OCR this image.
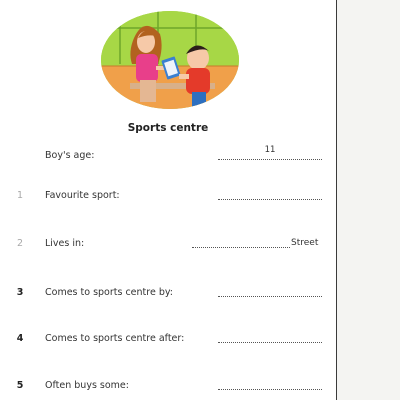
Sports centre
Boy's age:	11
1	Favourite sport:
2	Lives in:	Street
3	Comes to sports centre by:
4	Comes to sports centre after:
5	Often buys some:
